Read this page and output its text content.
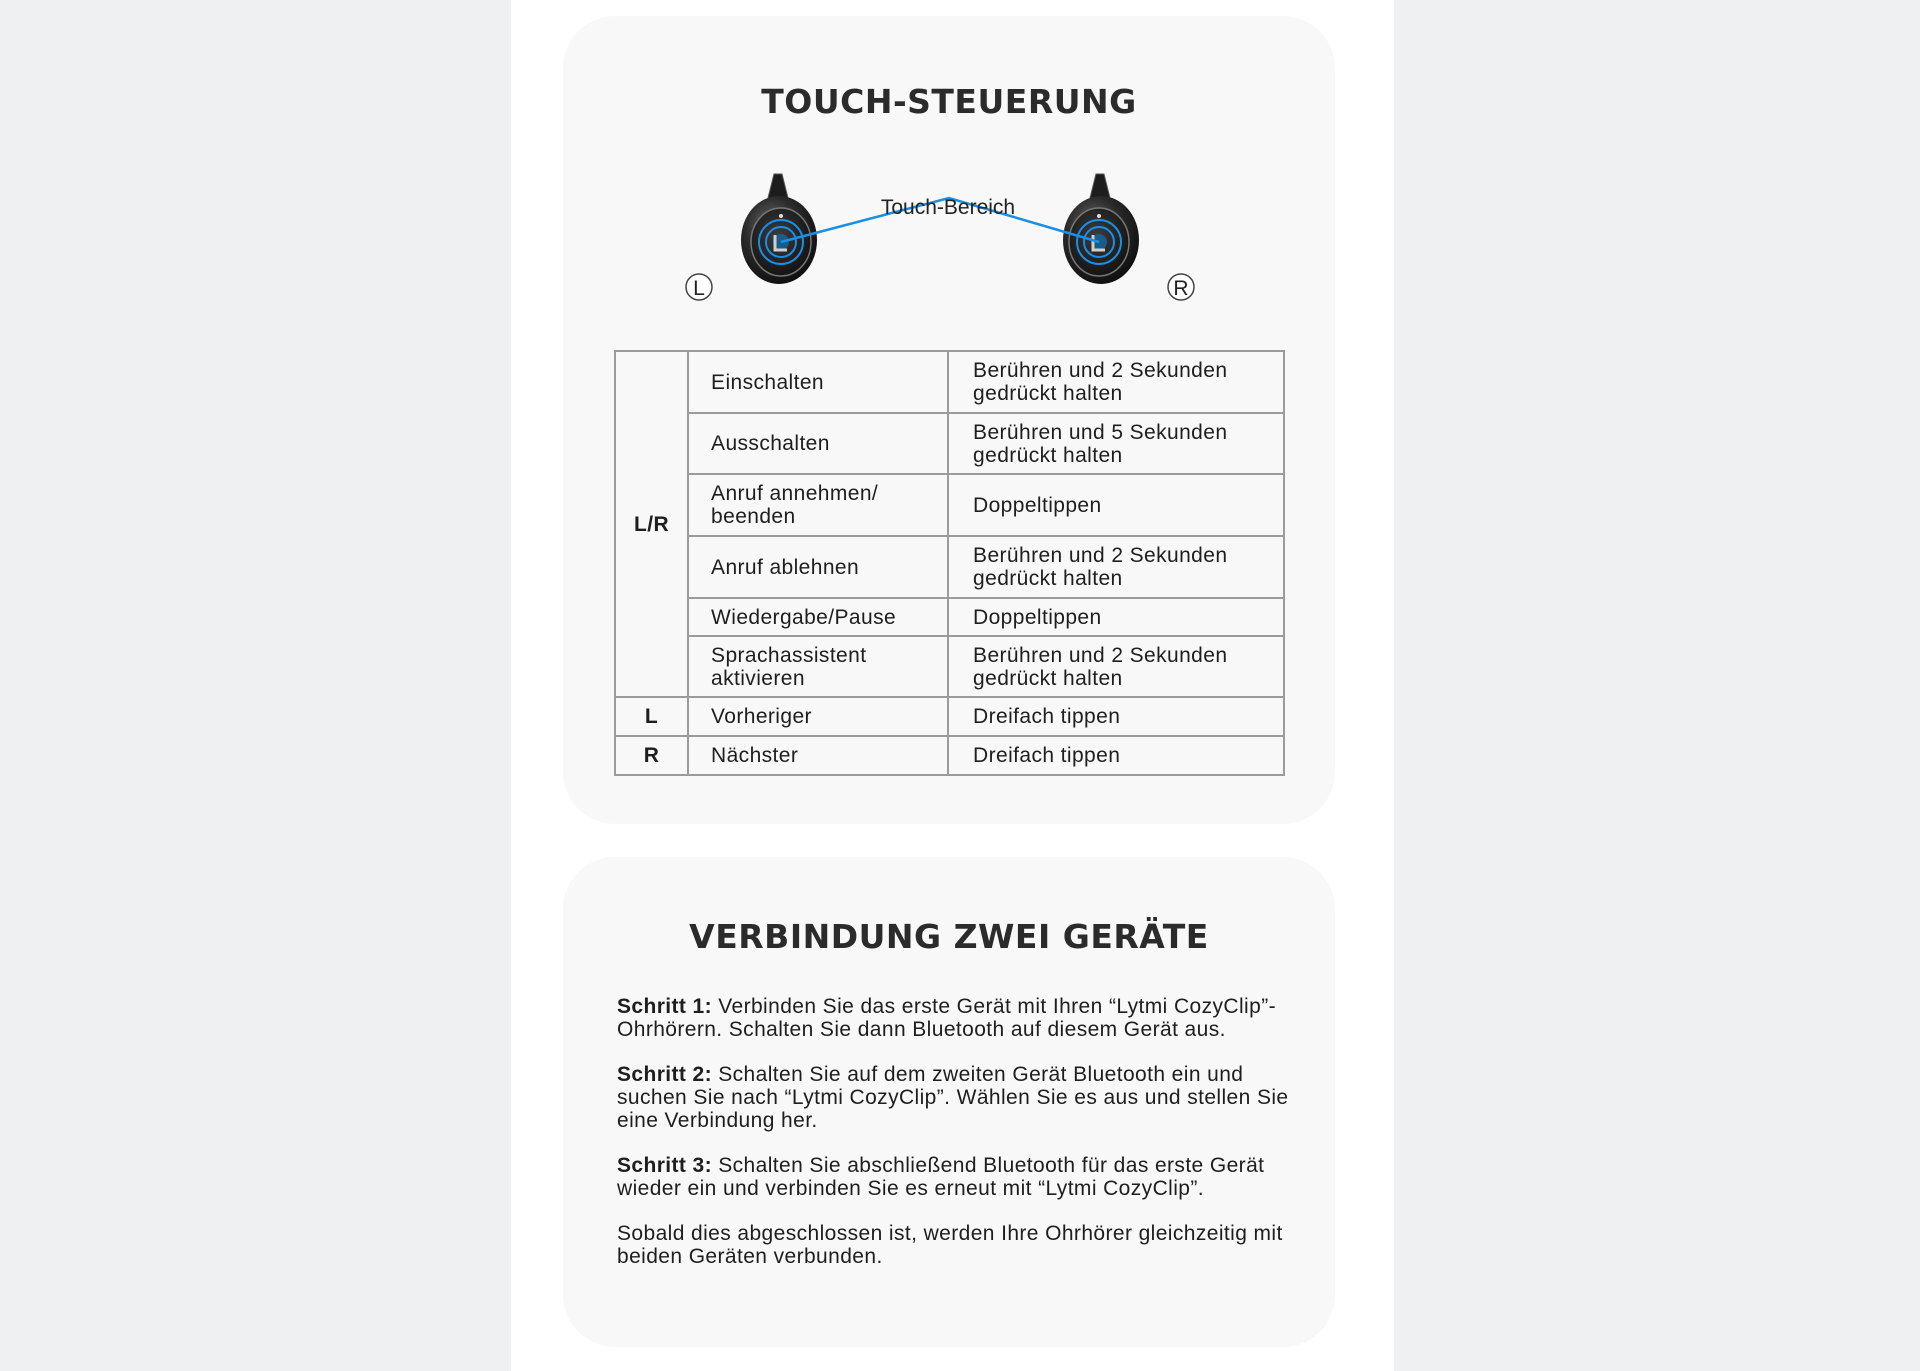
TOUCH-STEUERUNG
L	R
Touch-Bereich
L/R	Einschalten	Berühren und 2 Sekunden gedrückt halten
	Ausschalten	Berühren und 5 Sekunden gedrückt halten
	Anruf annehmen/ beenden	Doppeltippen
	Anruf ablehnen	Berühren und 2 Sekunden gedrückt halten
	Wiedergabe/Pause	Doppeltippen
	Sprachassistent aktivieren	Berühren und 2 Sekunden gedrückt halten
L	Vorheriger	Dreifach tippen
R	Nächster	Dreifach tippen
VERBINDUNG ZWEI GERÄTE

Schritt 1: Verbinden Sie das erste Gerät mit Ihren “Lytmi CozyClip”-Ohrhörern. Schalten Sie dann Bluetooth auf diesem Gerät aus.

Schritt 2: Schalten Sie auf dem zweiten Gerät Bluetooth ein und suchen Sie nach “Lytmi CozyClip”. Wählen Sie es aus und stellen Sie eine Verbindung her.

Schritt 3: Schalten Sie abschließend Bluetooth für das erste Gerät wieder ein und verbinden Sie es erneut mit “Lytmi CozyClip”.

Sobald dies abgeschlossen ist, werden Ihre Ohrhörer gleichzeitig mit beiden Geräten verbunden.
